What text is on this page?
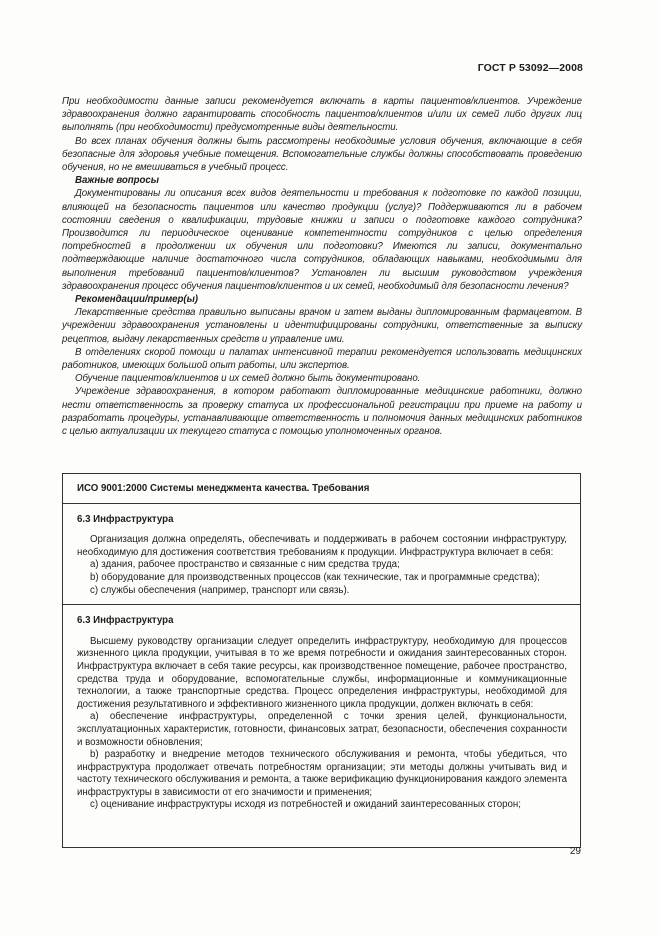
ГОСТ Р 53092—2008

При необходимости данные записи рекомендуется включать в карты пациентов/клиентов. Учреждение здравоохранения должно гарантировать способность пациентов/клиентов и/или их семей либо других лиц выполнять (при необходимости) предусмотренные виды деятельности.

Во всех планах обучения должны быть рассмотрены необходимые условия обучения, включающие в себя безопасные для здоровья учебные помещения. Вспомогательные службы должны способствовать проведению обучения, но не вмешиваться в учебный процесс.

Важные вопросы

Документированы ли описания всех видов деятельности и требования к подготовке по каждой позиции, влияющей на безопасность пациентов или качество продукции (услуг)? Поддерживаются ли в рабочем состоянии сведения о квалификации, трудовые книжки и записи о подготовке каждого сотрудника? Производится ли периодическое оценивание компетентности сотрудников с целью определения потребностей в продолжении их обучения или подготовки? Имеются ли записи, документально подтверждающие наличие достаточного числа сотрудников, обладающих навыками, необходимыми для выполнения требований пациентов/клиентов? Установлен ли высшим руководством учреждения здравоохранения процесс обучения пациентов/клиентов и их семей, необходимый для безопасности лечения?

Рекомендации/пример(ы)

Лекарственные средства правильно выписаны врачом и затем выданы дипломированным фармацевтом. В учреждении здравоохранения установлены и идентифицированы сотрудники, ответственные за выписку рецептов, выдачу лекарственных средств и управление ими.

В отделениях скорой помощи и палатах интенсивной терапии рекомендуется использовать медицинских работников, имеющих большой опыт работы, или экспертов.

Обучение пациентов/клиентов и их семей должно быть документировано.

Учреждение здравоохранения, в котором работают дипломированные медицинские работники, должно нести ответственность за проверку статуса их профессиональной регистрации при приеме на работу и разработать процедуры, устанавливающие ответственность и полномочия данных медицинских работников с целью актуализации их текущего статуса с помощью уполномоченных органов.

ИСО 9001:2000 Системы менеджмента качества. Требования
6.3 Инфраструктура

Организация должна определять, обеспечивать и поддерживать в рабочем состоянии инфраструктуру, необходимую для достижения соответствия требованиям к продукции. Инфраструктура включает в себя:

а) здания, рабочее пространство и связанные с ним средства труда;

b) оборудование для производственных процессов (как технические, так и программные средства);

c) службы обеспечения (например, транспорт или связь).

6.3 Инфраструктура

Высшему руководству организации следует определить инфраструктуру, необходимую для процессов жизненного цикла продукции, учитывая в то же время потребности и ожидания заинтересованных сторон. Инфраструктура включает в себя такие ресурсы, как производственное помещение, рабочее пространство, средства труда и оборудование, вспомогательные службы, информационные и коммуникационные технологии, а также транспортные средства. Процесс определения инфраструктуры, необходимой для достижения результативного и эффективного жизненного цикла продукции, должен включать в себя:

а) обеспечение инфраструктуры, определенной с точки зрения целей, функциональности, эксплуатационных характеристик, готовности, финансовых затрат, безопасности, обеспечения сохранности и возможности обновления;

b) разработку и внедрение методов технического обслуживания и ремонта, чтобы убедиться, что инфраструктура продолжает отвечать потребностям организации; эти методы должны учитывать вид и частоту технического обслуживания и ремонта, а также верификацию функционирования каждого элемента инфраструктуры в зависимости от его значимости и применения;

c) оценивание инфраструктуры исходя из потребностей и ожиданий заинтересованных сторон;

29
